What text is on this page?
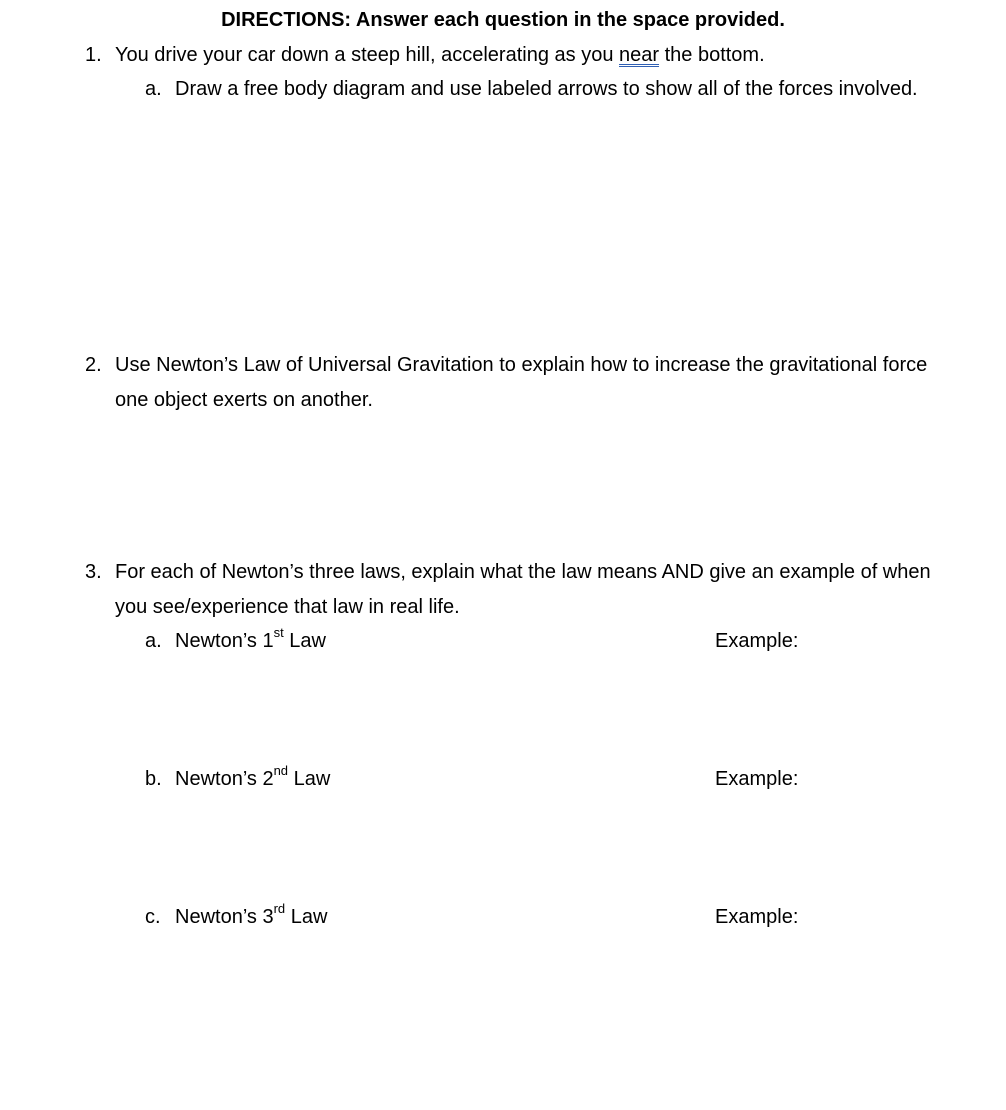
DIRECTIONS: Answer each question in the space provided.
1. You drive your car down a steep hill, accelerating as you near the bottom.
a. Draw a free body diagram and use labeled arrows to show all of the forces involved.
2. Use Newton’s Law of Universal Gravitation to explain how to increase the gravitational force
one object exerts on another.
3. For each of Newton’s three laws, explain what the law means AND give an example of when
you see/experience that law in real life.
a. Newton’s 1st Law	Example:
b. Newton’s 2nd Law	Example:
c. Newton’s 3rd Law	Example:
